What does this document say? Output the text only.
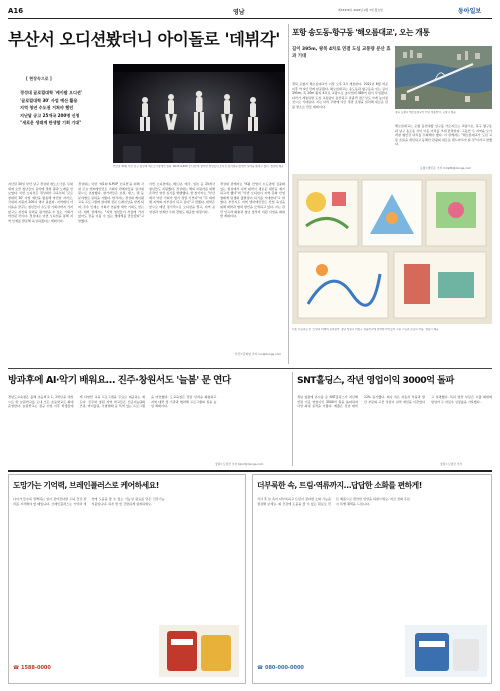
A16	영남	제33436호 2025년 2월 7일 월요일	동아일보
부산서 오디션봤더니 아이돌로 '데뷔각'
[ 현장속으로 ]
경성대 글로컬대학 '케이팝 오디션'
'글로컬대학 30' 사업 예산 활용
지역 청년 수도권 거쳐야 했던
지난달 공고 25개국 200명 신청
"새로운 생태계 탄생할 기회 기대"
지난달 30일 부산 남구 경성대 예노소극장에서 열린 '2025 K-POP 오디션'에 참가한 청년들이 오디션 심사위원 앞에서 실력을 뽐내고 있다. 경성대 제공
지난달 30일 부산 남구 경성대 예노소극장. 무대 위에 오른 청년들이 음악에 맞춰 춤과 노래를 선보였다. 이번 오디션은 경성대가 교육부의 '글로컬대학 30' 사업 예산을 활용해 마련한 자리로, 국내외 지원자 200여 명이 몰렸다. 지역에서 아이돌을 꿈꾸는 청년들이 수도권 기획사까지 가지 않고도 자신의 실력을 평가받을 수 있는 기회가 마련된 것이다. 경성대는 이번 오디션을 통해 지역 인재를 발굴해 육성하겠다는 계획이다.
경성대는 이번 '제1회 K-POP 오디션'을 위해 국내 주요 엔터테인먼트 기획사 관계자들을 심사위원으로 초청했다. 참가자들은 보컬, 댄스, 랩 등 분야별로 실력을 겨뤘다. 합격자는 경성대 케이팝 교육 프로그램에 참여해 전문 트레이닝을 받게 되며, 우수 인재는 기획사 연습생 계약 기회도 얻는다. 대학 관계자는 "지역 청년들이 서울에 가지 않아도 꿈을 이룰 수 있는 생태계를 만들겠다"고 말했다.
이번 오디션에는 베트남, 태국, 일본 등 25개국 청년들도 지원했다. 경성대는 해외 지원자를 위해 온라인 영상 심사를 병행했다. 한 참가자는 "부산에서 이런 기회가 생겨 정말 기쁘다"며 "꼭 데뷔해 지역의 자부심이 되고 싶다"고 말했다. 대학은 앞으로 매년 정기적으로 오디션을 열고, 지역 공연장과 연계한 무대 경험도 제공할 예정이다.
경성대 관계자는 "K팝 산업이 수도권에 집중돼 있는 현실에서 지역 대학이 새로운 대안을 제시하고자 했다"며 "이번 오디션이 지역 문화 산업 생태계 탄생의 출발점이 되기를 기대한다"고 밝혔다. 부산시도 지역 엔터테인먼트 산업 육성을 위해 대학과 협력 방안을 모색하고 있다. 시는 관련 인프라 확충과 청년 창작자 지원 사업을 확대할 계획이다.
부산=김화영 기자 run@donga.com
포항 송도동-항구동 '해오름대교', 오는 개통
길이 395m, 왕복 4차로 연결 도심 교통량 분산 효과 기대
경북 포항시 해오름대교가 이달 오후 2시 개통한다. 2021년 6월 착공 이후 약 4년 만에 완공됐다. 해오름대교는 송도동과 항구동을 잇는 길이 395m, 폭 20m 왕복 4차로 교량으로 총사업비 480억 원이 투입됐다. 다리가 개통되면 도심 교통량이 분산되고 관광객 접근성도 크게 높아질 것으로 기대된다. 시는 다리 주변에 야간 경관 조명을 설치해 새로운 관광 명소로 만들 계획이다.
경북 포항시 해오름대교가 이달 개통한다. 포항시 제공
해오름대교는 포항 동빈내항 입구를 가로지르는 교량으로, 북구 항구동과 남구 송도동 사이 이동 거리를 크게 단축한다. 그동안 두 지역을 오가려면 형산강 다리를 우회해야 했다. 시 관계자는 "해오름대교가 도심 교통 흐름을 개선하고 동해안 관광의 새로운 랜드마크가 될 것"이라고 말했다.
포항=명민준 기자 mmj86@donga.com
서툰 손글씨로 쓴 '소망과 미래의 길라잡이' 경남 창원시 의창구 늘봄학교에 참여한 아이들이 그린 그림과 손글씨 작품. 창원시 제공
방과후에 AI·악기 배워요… 진주·창원서도 '늘봄' 문 연다
경남도교육청은 올해 초등학교 1, 2학년을 대상으로 한 늘봄학교를 도내 모든 초등학교로 확대 운영한다. 늘봄학교는 정규 수업 이후 학생들에게 다양한 교육 프로그램을 무료로 제공하는 제도다. 진주와 창원 지역 학교들은 인공지능(AI) 코딩, 바이올린, 우쿨렐레 등 특색 있는 프로그램을 마련했다. 도교육청은 전담 인력을 확충하고 지역 대학 및 기관과 협력해 프로그램의 질을 높일 계획이다.
창원=도영진 기자 0jin2@donga.com
SNT홀딩스, 작년 영업이익 3000억 돌파
경남 창원에 본사를 둔 SNT홀딩스가 지난해 연결 기준 영업이익 3000억 원을 돌파하며 사상 최대 실적을 거뒀다. 매출은 전년 대비 12% 증가했다. 회사 측은 자동차 부품과 방산 부문의 고른 성장이 실적 개선을 이끌었다고 설명했다. 특히 방산 부문은 수출 확대에 힘입어 두 자릿수 성장률을 기록했다.
창원=도영진 기자
도망가는 기억력, 브레인플러스로 케어하세요!
나이가 들수록 깜빡하는 일이 잦아진다면 두뇌 건강 관리를 시작해야 할 때입니다. 브레인플러스는 기억력 개선에 도움을 줄 수 있는 기능성 원료를 담은 건강기능식품입니다. 하루 한 번 간편하게 섭취하세요.
☎ 1588-0000
더부룩한 속, 트림·역류까지…답답한 소화를 편하게!
식사 후 늘 속이 더부룩하고 트림이 잦다면 소화 기능을 점검해 보세요. 위 건강에 도움을 줄 수 있는 원료로 만든 제품으로 편안한 일상을 되찾으세요. 지금 전화 주문 시 특별 혜택을 드립니다.
☎ 080-000-0000
